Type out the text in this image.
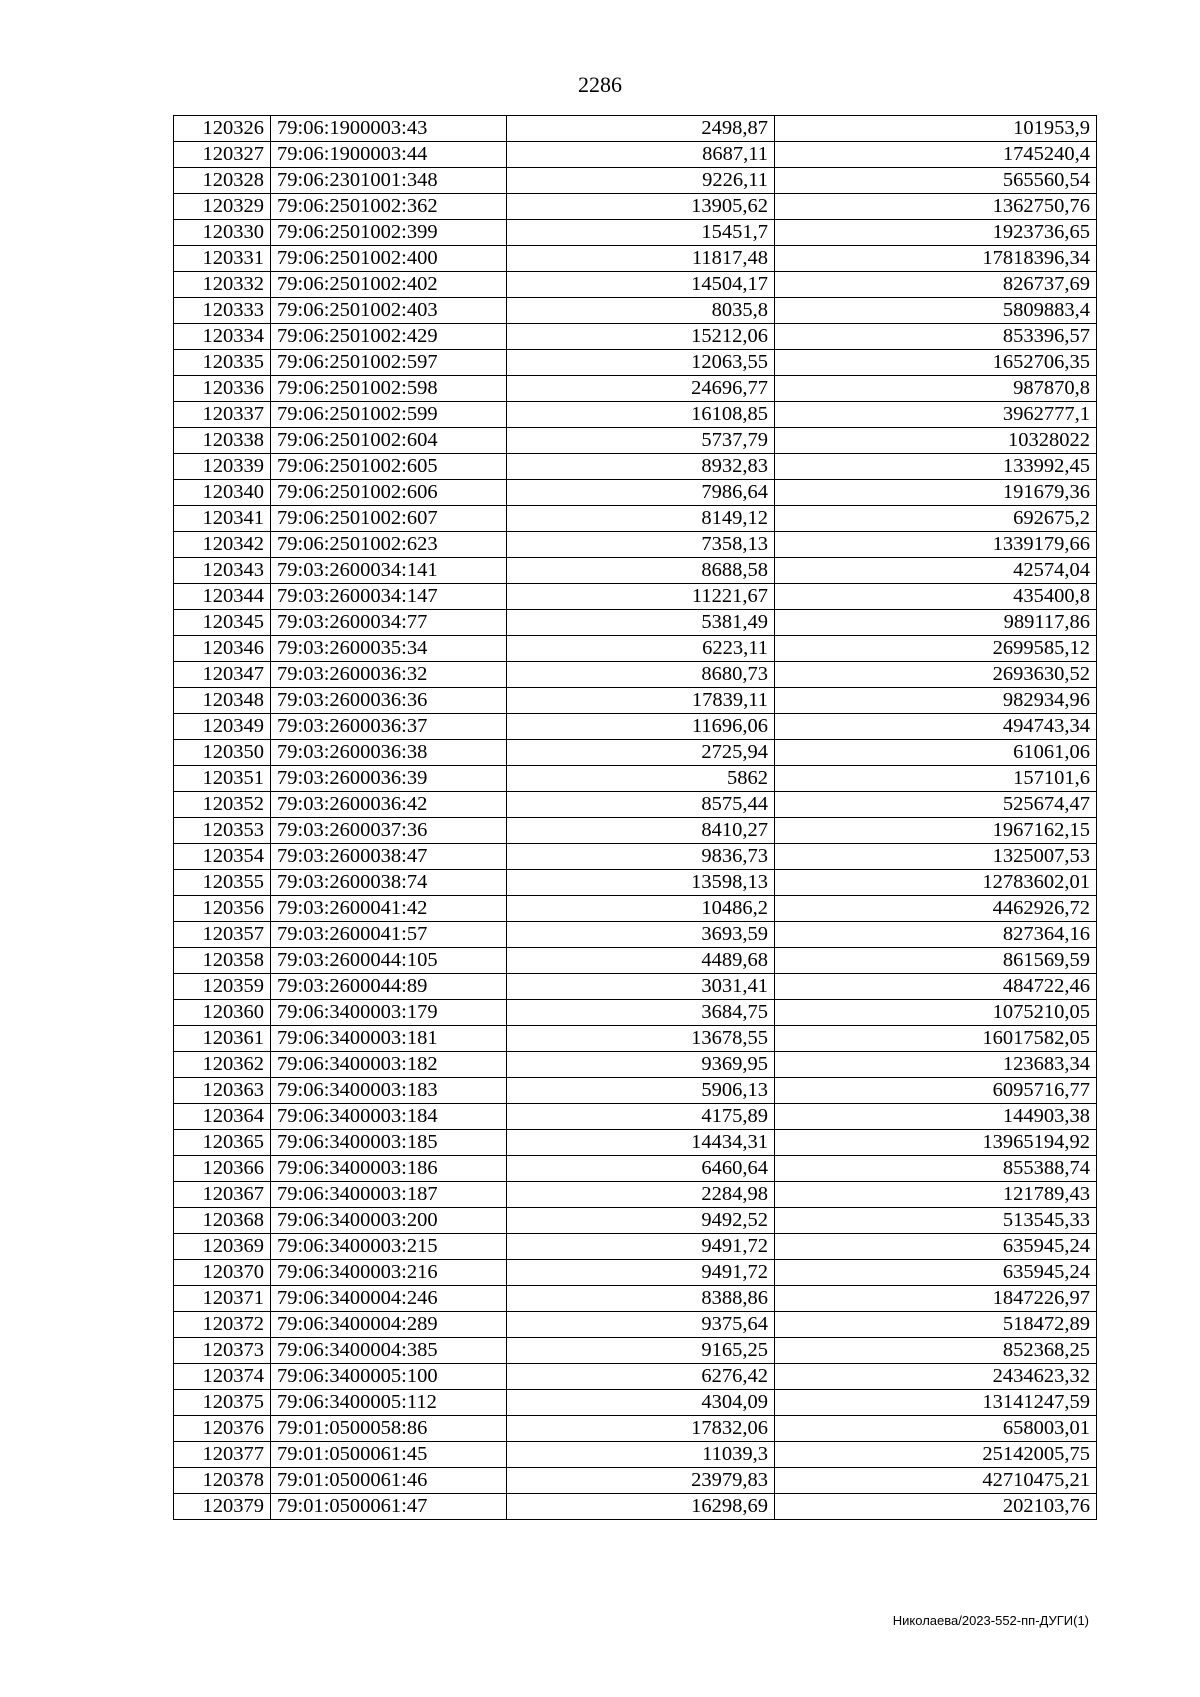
2286
120326	79:06:1900003:43	2498,87	101953,9
120327	79:06:1900003:44	8687,11	1745240,4
120328	79:06:2301001:348	9226,11	565560,54
120329	79:06:2501002:362	13905,62	1362750,76
120330	79:06:2501002:399	15451,7	1923736,65
120331	79:06:2501002:400	11817,48	17818396,34
120332	79:06:2501002:402	14504,17	826737,69
120333	79:06:2501002:403	8035,8	5809883,4
120334	79:06:2501002:429	15212,06	853396,57
120335	79:06:2501002:597	12063,55	1652706,35
120336	79:06:2501002:598	24696,77	987870,8
120337	79:06:2501002:599	16108,85	3962777,1
120338	79:06:2501002:604	5737,79	10328022
120339	79:06:2501002:605	8932,83	133992,45
120340	79:06:2501002:606	7986,64	191679,36
120341	79:06:2501002:607	8149,12	692675,2
120342	79:06:2501002:623	7358,13	1339179,66
120343	79:03:2600034:141	8688,58	42574,04
120344	79:03:2600034:147	11221,67	435400,8
120345	79:03:2600034:77	5381,49	989117,86
120346	79:03:2600035:34	6223,11	2699585,12
120347	79:03:2600036:32	8680,73	2693630,52
120348	79:03:2600036:36	17839,11	982934,96
120349	79:03:2600036:37	11696,06	494743,34
120350	79:03:2600036:38	2725,94	61061,06
120351	79:03:2600036:39	5862	157101,6
120352	79:03:2600036:42	8575,44	525674,47
120353	79:03:2600037:36	8410,27	1967162,15
120354	79:03:2600038:47	9836,73	1325007,53
120355	79:03:2600038:74	13598,13	12783602,01
120356	79:03:2600041:42	10486,2	4462926,72
120357	79:03:2600041:57	3693,59	827364,16
120358	79:03:2600044:105	4489,68	861569,59
120359	79:03:2600044:89	3031,41	484722,46
120360	79:06:3400003:179	3684,75	1075210,05
120361	79:06:3400003:181	13678,55	16017582,05
120362	79:06:3400003:182	9369,95	123683,34
120363	79:06:3400003:183	5906,13	6095716,77
120364	79:06:3400003:184	4175,89	144903,38
120365	79:06:3400003:185	14434,31	13965194,92
120366	79:06:3400003:186	6460,64	855388,74
120367	79:06:3400003:187	2284,98	121789,43
120368	79:06:3400003:200	9492,52	513545,33
120369	79:06:3400003:215	9491,72	635945,24
120370	79:06:3400003:216	9491,72	635945,24
120371	79:06:3400004:246	8388,86	1847226,97
120372	79:06:3400004:289	9375,64	518472,89
120373	79:06:3400004:385	9165,25	852368,25
120374	79:06:3400005:100	6276,42	2434623,32
120375	79:06:3400005:112	4304,09	13141247,59
120376	79:01:0500058:86	17832,06	658003,01
120377	79:01:0500061:45	11039,3	25142005,75
120378	79:01:0500061:46	23979,83	42710475,21
120379	79:01:0500061:47	16298,69	202103,76
Николаева/2023-552-пп-ДУГИ(1)
